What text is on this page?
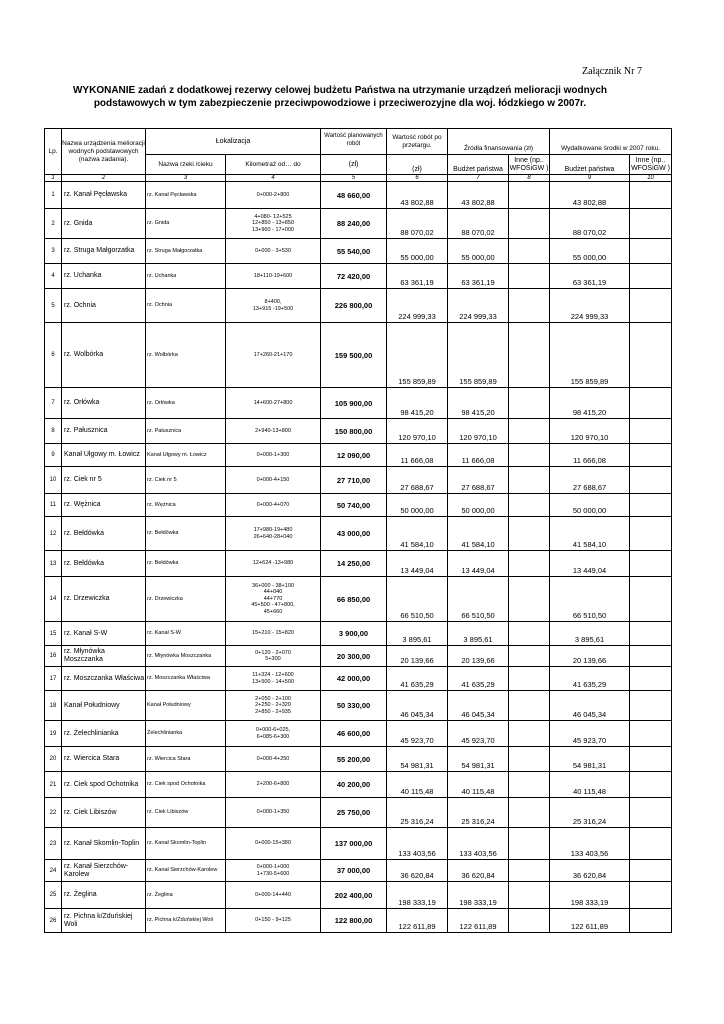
Załącznik Nr 7
WYKONANIE zadań z dodatkowej rezerwy celowej budżetu Państwa na utrzymanie urządzeń melioracji wodnych
podstawowych w tym zabezpieczenie przeciwpowodziowe i przeciwerozyjne dla woj. łódzkiego w 2007r.
Lp.	Nazwa urządzenia melioracji wodnych podstawowych (nazwa zadania).	Łokalizacja		Wartość planowanych robót	Wartość robót po przetargu.	Źródła finansowania (zł)		Wydatkowane środki w 2007 roku.	
		Nazwa rzeki /cieku	Kilometraż od… do	(zł)	(zł)	Budżet państwa	Inne (np.. WFOŚiGW )	Budżet państwa	Inne (np.. WFOŚiGW )
1	2	3	4	5	6	7	8	9	10
1	rz. Kanał Pęcławska	rz. Kanał Pęcławska	0+000-2+800	48 660,00	43 802,88	43 802,88		43 802,88	
2	rz. Gnida	rz. Gnida	4+080- 12+525
12+850 - 13+850
13+960 - 17+000	88 240,00	88 070,02	88 070,02		88 070,02	
3	rz. Struga Małgorzatka	rz. Struga Małgorzatka	0+000 - 3+530	55 540,00	55 000,00	55 000,00		55 000,00	
4	rz. Uchanka	rz. Uchanka	18+110-19+600	72 420,00	63 361,19	63 361,19		63 361,19	
5	rz. Ochnia	rz. Ochnia	8+400,
13+915 -19+500	226 800,00	224 999,33	224 999,33		224 999,33	
6	rz. Wolbórka	rz. Wolbórka	17+260-21+170	159 500,00	155 859,89	155 859,89		155 859,89	
7	rz. Orłówka	rz. Orłówka	14+600-27+800	105 900,00	98 415,20	98 415,20		98 415,20	
8	rz. Pałusznica	rz. Pałusznica	2+940-13+800	150 800,00	120 970,10	120 970,10		120 970,10	
9	Kanał Ułgowy m. Łowicz	Kanał Ułgowy m. Łowicz	0+000-1+300	12 090,00	11 666,08	11 666,08		11 666,08	
10	rz. Ciek nr 5	rz. Ciek nr 5	0+000-4+150	27 710,00	27 688,67	27 688,67		27 688,67	
11	rz. Wężnica	rz. Wężnica	0+000-4+070	50 740,00	50 000,00	50 000,00		50 000,00	
12	rz. Bełdówka	rz. Bełdówka	17+980-19+480
26+640-28+040	43 000,00	41 584,10	41 584,10		41 584,10	
13	rz. Bełdówka	rz. Bełdówka	12+624 -13+980	14 250,00	13 449,04	13 449,04		13 449,04	
14	rz. Drzewiczka	rz. Drzewiczka	36+000 - 38+100
44+040
44+770
45+500 - 47+800,
45+660	66 850,00	66 510,50	66 510,50		66 510,50	
15	rz. Kanał S-W	rz. Kanał S-W	15+210 - 15+820	3 900,00	3 895,61	3 895,61		3 895,61	
16	rz. Młynówka Moszczanka	rz. Młynówka Moszczanka	0+120 - 2+070
5+300	20 300,00	20 139,66	20 139,66		20 139,66	
17	rz. Moszczanka Właściwa	rz. Moszczanka Właściwa	11+324 - 12+600
13+500 - 14+500	42 000,00	41 635,29	41 635,29		41 635,29	
18	Kanał Południowy	Kanał Południowy	2+050 - 2+100
2+250 - 2+320
2+850 - 2+935	50 330,00	46 045,34	46 045,34		46 045,34	
19	rz. Żelechlinianka	Żelechlinianka	0+000-6+025,
6+085-6+300	46 600,00	45 923,70	45 923,70		45 923,70	
20	rz. Wiercica Stara	rz. Wiercica Stara	0+000-4+250	55 200,00	54 981,31	54 981,31		54 981,31	
21	rz. Ciek spod Ochotnika	rz. Ciek spod Ochotnika	2+200-6+800	40 200,00	40 115,48	40 115,48		40 115,48	
22	rz. Ciek Libiszów	rz. Ciek Libiszów	0+000-1+350	25 750,00	25 316,24	25 316,24		25 316,24	
23	rz. Kanał Skomlin-Toplin	rz. Kanał Skomlin-Toplin	0+000-15+380	137 000,00	133 403,56	133 403,56		133 403,56	
24	rz. Kanał Sierzchów-Karolew	rz. Kanał Sierzchów-Karolew	0+000-1+000
1+730-5+600	37 000,00	36 620,84	36 620,84		36 620,84	
25	rz. Żeglina	rz. Żeglina	0+000-14+440	202 400,00	198 333,19	198 333,19		198 333,19	
26	rz. Pichna k/Zduńskiej Woli	rz. Pichna k/Zduńskiej Woli	0+150 - 9+125	122 800,00	122 611,89	122 611,89		122 611,89	
